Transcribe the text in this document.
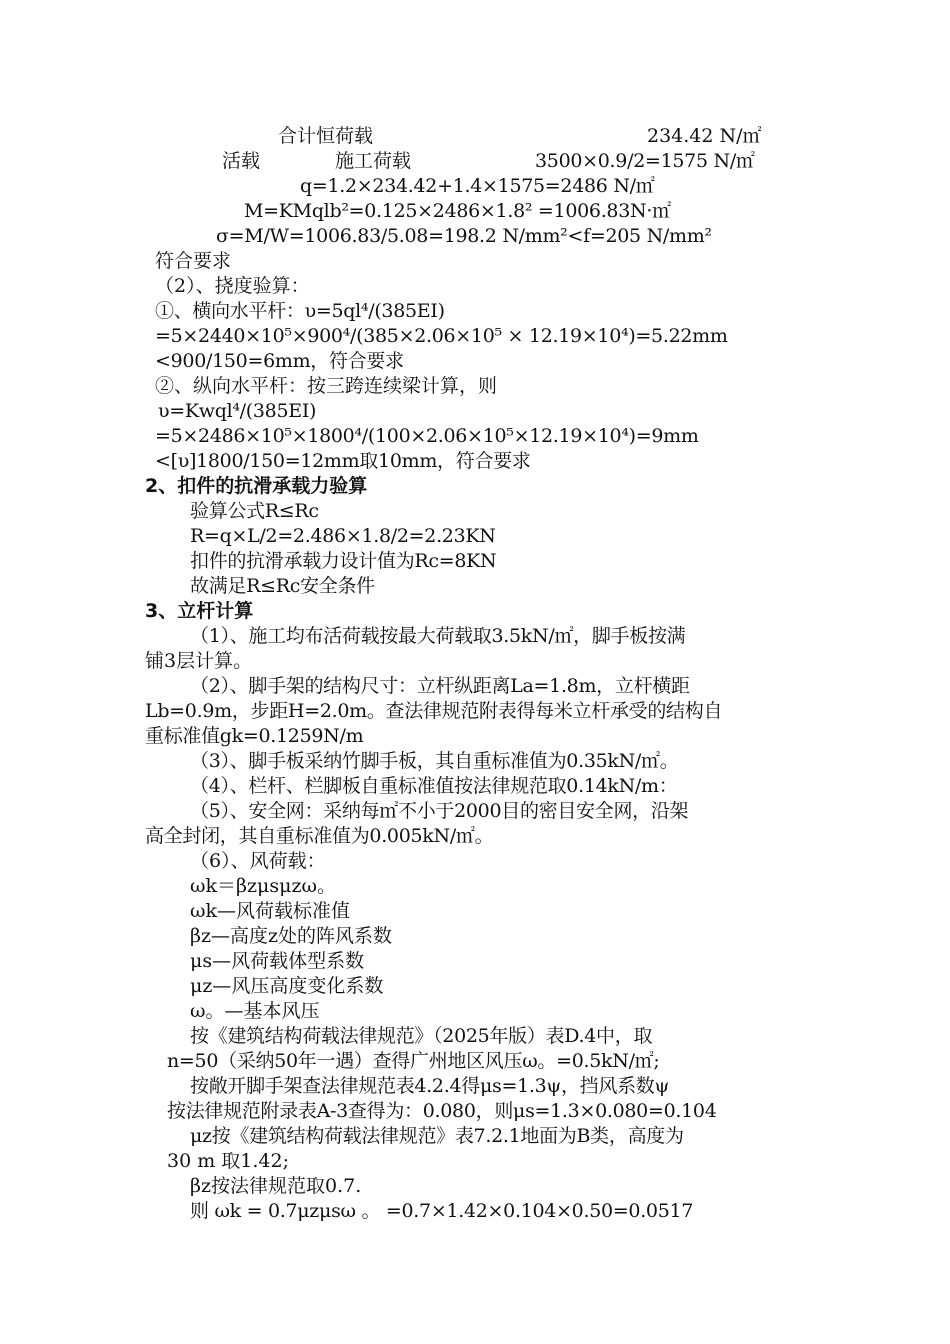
合计恒荷载	234.42 N/㎡
活载	施工荷载	3500×0.9/2=1575 N/㎡
q=1.2×234.42+1.4×1575=2486 N/㎡
M=KMqlb²=0.125×2486×1.8² =1006.83N·㎡
σ=M/W=1006.83/5.08=198.2 N/mm²<f=205 N/mm²
符合要求
（2）、挠度验算：
①、横向水平杆：υ=5ql⁴/(385EI)
=5×2440×10⁵×900⁴/(385×2.06×10⁵ × 12.19×10⁴)=5.22mm
<900/150=6mm，符合要求
②、纵向水平杆：按三跨连续梁计算，则
υ=Kwql⁴/(385EI)
=5×2486×10⁵×1800⁴/(100×2.06×10⁵×12.19×10⁴)=9mm
<[υ]1800/150=12mm取10mm，符合要求
2、扣件的抗滑承载力验算
验算公式R≤Rc
R=q×L/2=2.486×1.8/2=2.23KN
扣件的抗滑承载力设计值为Rc=8KN
故满足R≤Rc安全条件
3、立杆计算
（1）、施工均布活荷载按最大荷载取3.5kN/㎡，脚手板按满
铺3层计算。
（2）、脚手架的结构尺寸：立杆纵距离La=1.8m，立杆横距
Lb=0.9m，步距H=2.0m。查法律规范附表得每米立杆承受的结构自
重标准值gk=0.1259N/m
（3）、脚手板采纳竹脚手板，其自重标准值为0.35kN/㎡。
（4）、栏杆、栏脚板自重标准值按法律规范取0.14kN/m：
（5）、安全网：采纳每㎡不小于2000目的密目安全网，沿架
高全封闭，其自重标准值为0.005kN/㎡。
（6）、风荷载：
ωk＝βzμsμzω。
ωk—风荷载标准值
βz—高度z处的阵风系数
μs—风荷载体型系数
μz—风压高度变化系数
ω。—基本风压
按《建筑结构荷载法律规范》（2025年版）表D.4中，取
n=50（采纳50年一遇）查得广州地区风压ω。=0.5kN/㎡;
按敞开脚手架查法律规范表4.2.4得μs=1.3ψ，挡风系数ψ
按法律规范附录表A-3查得为：0.080，则μs=1.3×0.080=0.104
μz按《建筑结构荷载法律规范》表7.2.1地面为B类，高度为
30 m 取1.42;
βz按法律规范取0.7.
则 ωk = 0.7μzμsω 。 =0.7×1.42×0.104×0.50=0.0517
